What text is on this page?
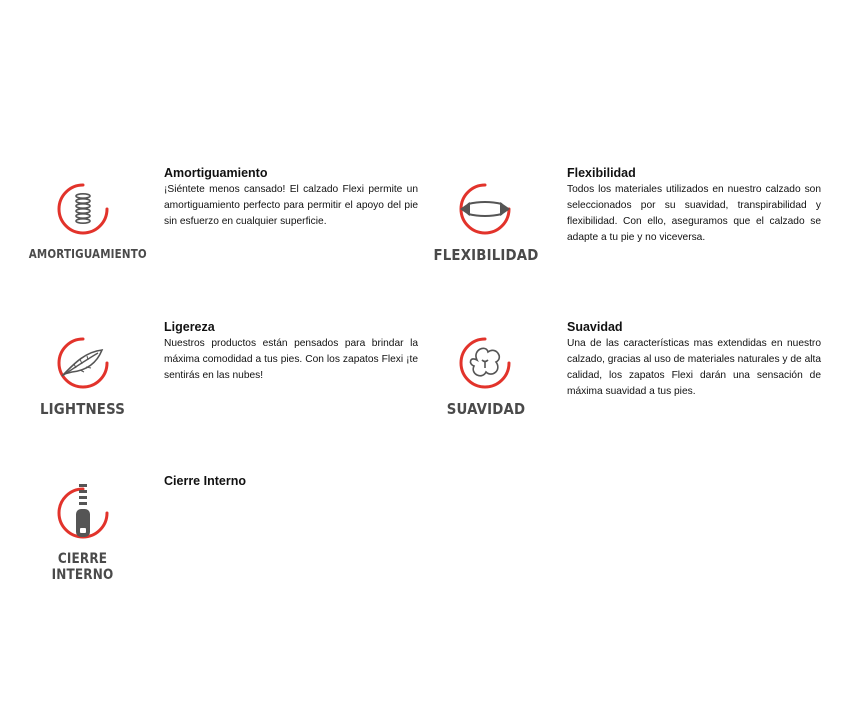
AMORTIGUAMIENTO
Amortiguamiento
¡Siéntete menos cansado! El calzado Flexi permite un amortiguamiento perfecto para permitir el apoyo del pie sin esfuerzo en cualquier superficie.
FLEXIBILIDAD
Flexibilidad
Todos los materiales utilizados en nuestro calzado son seleccionados por su suavidad, transpirabilidad y flexibilidad. Con ello, aseguramos que el calzado se adapte a tu pie y no viceversa.
LIGHTNESS
Ligereza
Nuestros productos están pensados para brindar la máxima comodidad a tus pies. Con los zapatos Flexi ¡te sentirás en las nubes!
SUAVIDAD
Suavidad
Una de las características mas extendidas en nuestro calzado, gracias al uso de materiales naturales y de alta calidad, los zapatos Flexi darán una sensación de máxima suavidad a tus pies.
CIERRE
INTERNO
Cierre Interno
